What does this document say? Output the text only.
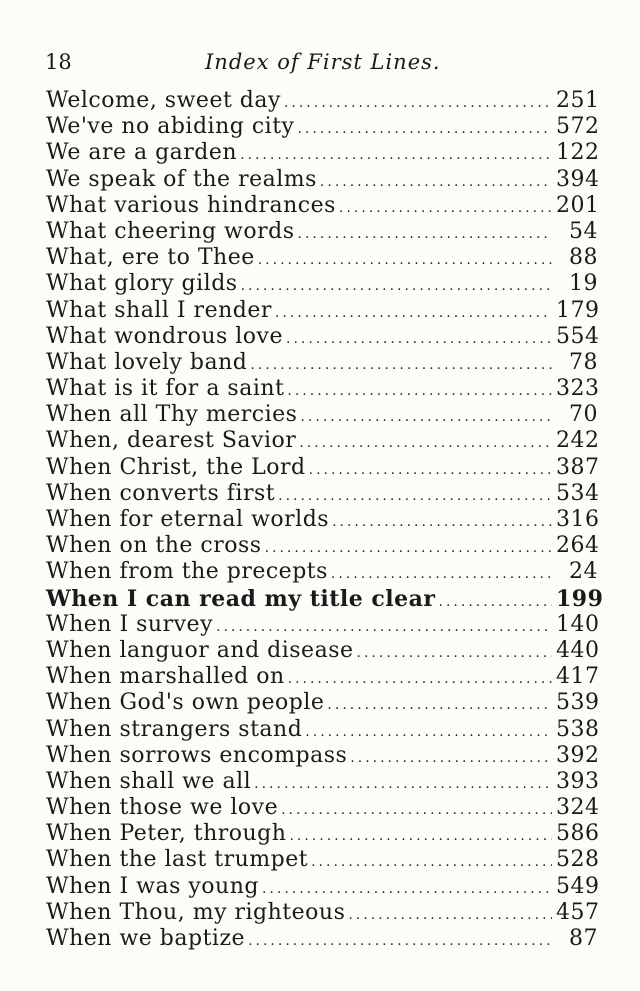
18	Index of First Lines.
Welcome, sweet day .....	251
We've no abiding city .....	572
We are a garden .....	122
We speak of the realms .....	394
What various hindrances .....	201
What cheering words .....	54
What, ere to Thee .....	88
What glory gilds .....	19
What shall I render .....	179
What wondrous love .....	554
What lovely band .....	78
What is it for a saint .....	323
When all Thy mercies .....	70
When, dearest Savior .....	242
When Christ, the Lord .....	387
When converts first .....	534
When for eternal worlds .....	316
When on the cross .....	264
When from the precepts .....	24
When I can read my title clear .....	199
When I survey .....	140
When languor and disease .....	440
When marshalled on .....	417
When God's own people .....	539
When strangers stand .....	538
When sorrows encompass .....	392
When shall we all .....	393
When those we love .....	324
When Peter, through .....	586
When the last trumpet .....	528
When I was young .....	549
When Thou, my righteous .....	457
When we baptize .....	87
